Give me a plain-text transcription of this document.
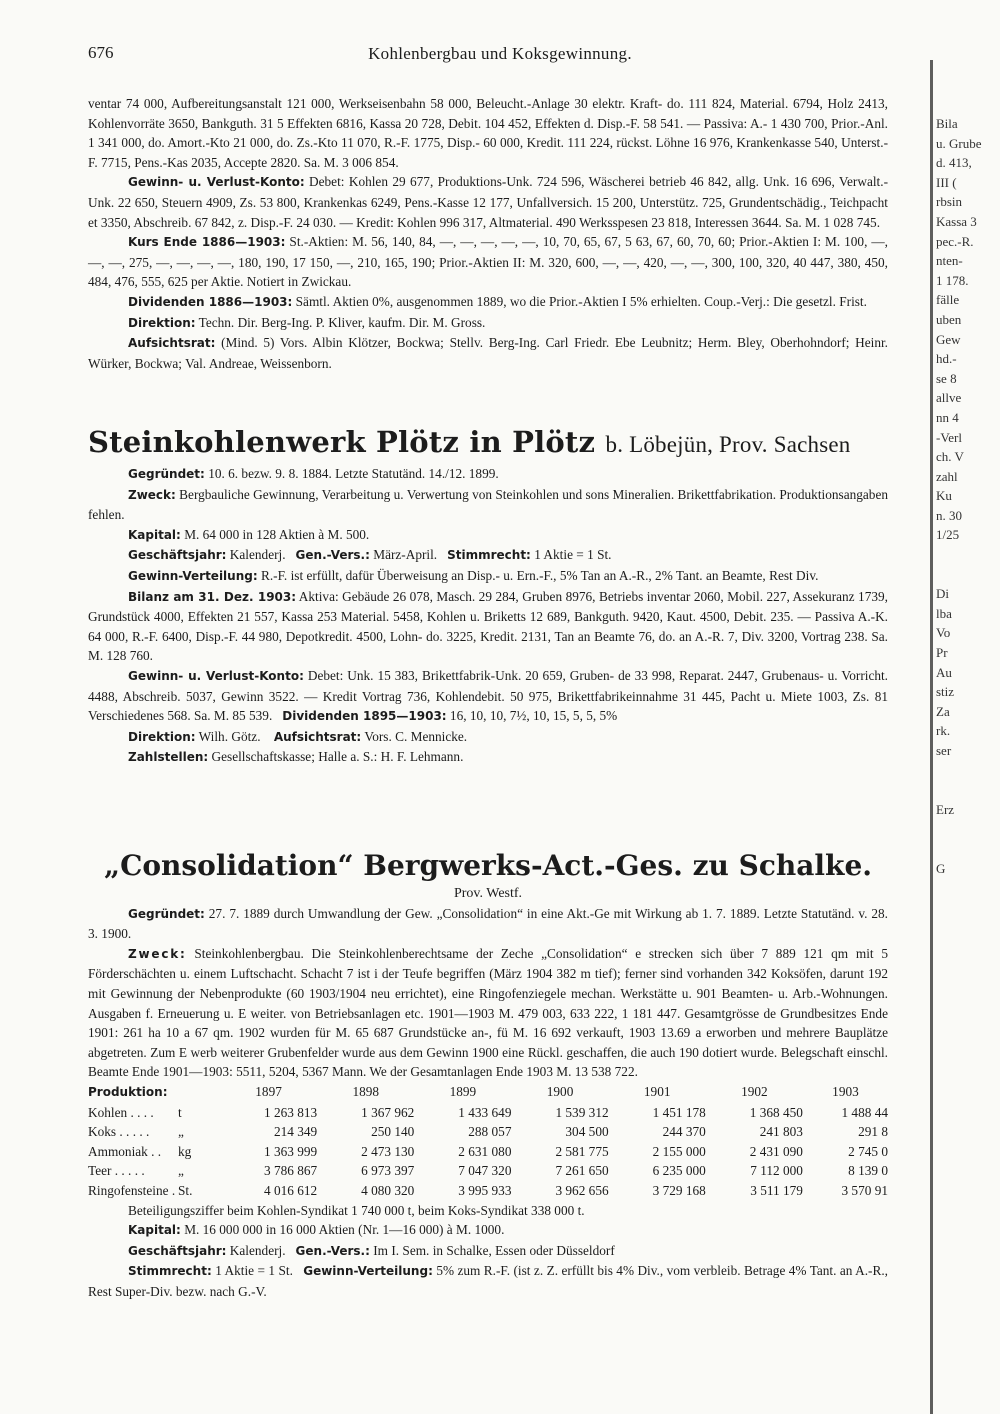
676	Kohlenbergbau und Koksgewinnung.
Bila
u. Grube
d. 413,
III (
rbsin
Kassa 3
pec.-R.
nten-
1 178.
fälle
uben
Gew
hd.-
se 8
allve
nn 4
-Verl
ch. V
zahl
Ku
n. 30
1/25
Di
lba
Vo
Pr
Au
stiz
Za
rk.
ser
Erz
G

ventar 74 000, Aufbereitungsanstalt 121 000, Werkseisenbahn 58 000, Beleucht.-Anlage 30 elektr. Kraft- do. 111 824, Material. 6794, Holz 2413, Kohlenvorräte 3650, Bankguth. 31 5 Effekten 6816, Kassa 20 728, Debit. 104 452, Effekten d. Disp.-F. 58 541. — Passiva: A.- 1 430 700, Prior.-Anl. 1 341 000, do. Amort.-Kto 21 000, do. Zs.-Kto 11 070, R.-F. 1775, Disp.- 60 000, Kredit. 111 224, rückst. Löhne 16 976, Krankenkasse 540, Unterst.-F. 7715, Pens.-Kas 2035, Accepte 2820. Sa. M. 3 006 854.

Gewinn- u. Verlust-Konto: Debet: Kohlen 29 677, Produktions-Unk. 724 596, Wäscherei betrieb 46 842, allg. Unk. 16 696, Verwalt.-Unk. 22 650, Steuern 4909, Zs. 53 800, Krankenkas 6249, Pens.-Kasse 12 177, Unfallversich. 15 200, Unterstütz. 725, Grundentschädig., Teichpacht et 3350, Abschreib. 67 842, z. Disp.-F. 24 030. — Kredit: Kohlen 996 317, Altmaterial. 490 Werksspesen 23 818, Interessen 3644. Sa. M. 1 028 745.

Kurs Ende 1886—1903: St.-Aktien: M. 56, 140, 84, —, —, —, —, —, 10, 70, 65, 67, 5 63, 67, 60, 70, 60; Prior.-Aktien I: M. 100, —, —, —, 275, —, —, —, —, 180, 190, 17 150, —, 210, 165, 190; Prior.-Aktien II: M. 320, 600, —, —, 420, —, —, 300, 100, 320, 40 447, 380, 450, 484, 476, 555, 625 per Aktie. Notiert in Zwickau.

Dividenden 1886—1903: Sämtl. Aktien 0%, ausgenommen 1889, wo die Prior.-Aktien I 5% erhielten. Coup.-Verj.: Die gesetzl. Frist.

Direktion: Techn. Dir. Berg-Ing. P. Kliver, kaufm. Dir. M. Gross.

Aufsichtsrat: (Mind. 5) Vors. Albin Klötzer, Bockwa; Stellv. Berg-Ing. Carl Friedr. Ebe Leubnitz; Herm. Bley, Oberhohndorf; Heinr. Würker, Bockwa; Val. Andreae, Weissenborn.

Steinkohlenwerk Plötz in Plötz b. Löbejün, Prov. Sachsen

Gegründet: 10. 6. bezw. 9. 8. 1884. Letzte Statutänd. 14./12. 1899.

Zweck: Bergbauliche Gewinnung, Verarbeitung u. Verwertung von Steinkohlen und sons Mineralien. Brikettfabrikation. Produktionsangaben fehlen.

Kapital: M. 64 000 in 128 Aktien à M. 500.

Geschäftsjahr: Kalenderj. Gen.-Vers.: März-April. Stimmrecht: 1 Aktie = 1 St.

Gewinn-Verteilung: R.-F. ist erfüllt, dafür Überweisung an Disp.- u. Ern.-F., 5% Tan an A.-R., 2% Tant. an Beamte, Rest Div.

Bilanz am 31. Dez. 1903: Aktiva: Gebäude 26 078, Masch. 29 284, Gruben 8976, Betriebs inventar 2060, Mobil. 227, Assekuranz 1739, Grundstück 4000, Effekten 21 557, Kassa 253 Material. 5458, Kohlen u. Briketts 12 689, Bankguth. 9420, Kaut. 4500, Debit. 235. — Passiva A.-K. 64 000, R.-F. 6400, Disp.-F. 44 980, Depotkredit. 4500, Lohn- do. 3225, Kredit. 2131, Tan an Beamte 76, do. an A.-R. 7, Div. 3200, Vortrag 238. Sa. M. 128 760.

Gewinn- u. Verlust-Konto: Debet: Unk. 15 383, Brikettfabrik-Unk. 20 659, Gruben- de 33 998, Reparat. 2447, Grubenaus- u. Vorricht. 4488, Abschreib. 5037, Gewinn 3522. — Kredit Vortrag 736, Kohlendebit. 50 975, Brikettfabrikeinnahme 31 445, Pacht u. Miete 1003, Zs. 81 Verschiedenes 568. Sa. M. 85 539. Dividenden 1895—1903: 16, 10, 10, 7½, 10, 15, 5, 5, 5%

Direktion: Wilh. Götz. Aufsichtsrat: Vors. C. Mennicke.

Zahlstellen: Gesellschaftskasse; Halle a. S.: H. F. Lehmann.

„Consolidation“ Bergwerks-Act.-Ges. zu Schalke.
Prov. Westf.

Gegründet: 27. 7. 1889 durch Umwandlung der Gew. „Consolidation“ in eine Akt.-Ge mit Wirkung ab 1. 7. 1889. Letzte Statutänd. v. 28. 3. 1900.

Zweck: Steinkohlenbergbau. Die Steinkohlenberechtsame der Zeche „Consolidation“ e strecken sich über 7 889 121 qm mit 5 Förderschächten u. einem Luftschacht. Schacht 7 ist i der Teufe begriffen (März 1904 382 m tief); ferner sind vorhanden 342 Koksöfen, darunt 192 mit Gewinnung der Nebenprodukte (60 1903/1904 neu errichtet), eine Ringofenziegele mechan. Werkstätte u. 901 Beamten- u. Arb.-Wohnungen. Ausgaben f. Erneuerung u. E weiter. von Betriebsanlagen etc. 1901—1903 M. 479 003, 633 222, 1 181 447. Gesamtgrösse de Grundbesitzes Ende 1901: 261 ha 10 a 67 qm. 1902 wurden für M. 65 687 Grundstücke an-, fü M. 16 692 verkauft, 1903 13.69 a erworben und mehrere Bauplätze abgetreten. Zum E werb weiterer Grubenfelder wurde aus dem Gewinn 1900 eine Rückl. geschaffen, die auch 190 dotiert wurde. Belegschaft einschl. Beamte Ende 1901—1903: 5511, 5204, 5367 Mann. We der Gesamtanlagen Ende 1903 M. 13 538 722.

Produktion:		1897	1898	1899	1900	1901	1902	1903
Kohlen . . . .	t	1 263 813	1 367 962	1 433 649	1 539 312	1 451 178	1 368 450	1 488 44
Koks . . . . .	„	214 349	250 140	288 057	304 500	244 370	241 803	291 8
Ammoniak . .	kg	1 363 999	2 473 130	2 631 080	2 581 775	2 155 000	2 431 090	2 745 0
Teer . . . . .	„	3 786 867	6 973 397	7 047 320	7 261 650	6 235 000	7 112 000	8 139 0
Ringofensteine .	St.	4 016 612	4 080 320	3 995 933	3 962 656	3 729 168	3 511 179	3 570 91

Beteiligungsziffer beim Kohlen-Syndikat 1 740 000 t, beim Koks-Syndikat 338 000 t.

Kapital: M. 16 000 000 in 16 000 Aktien (Nr. 1—16 000) à M. 1000.

Geschäftsjahr: Kalenderj. Gen.-Vers.: Im I. Sem. in Schalke, Essen oder Düsseldorf

Stimmrecht: 1 Aktie = 1 St. Gewinn-Verteilung: 5% zum R.-F. (ist z. Z. erfüllt bis 4% Div., vom verbleib. Betrage 4% Tant. an A.-R., Rest Super-Div. bezw. nach G.-V.
